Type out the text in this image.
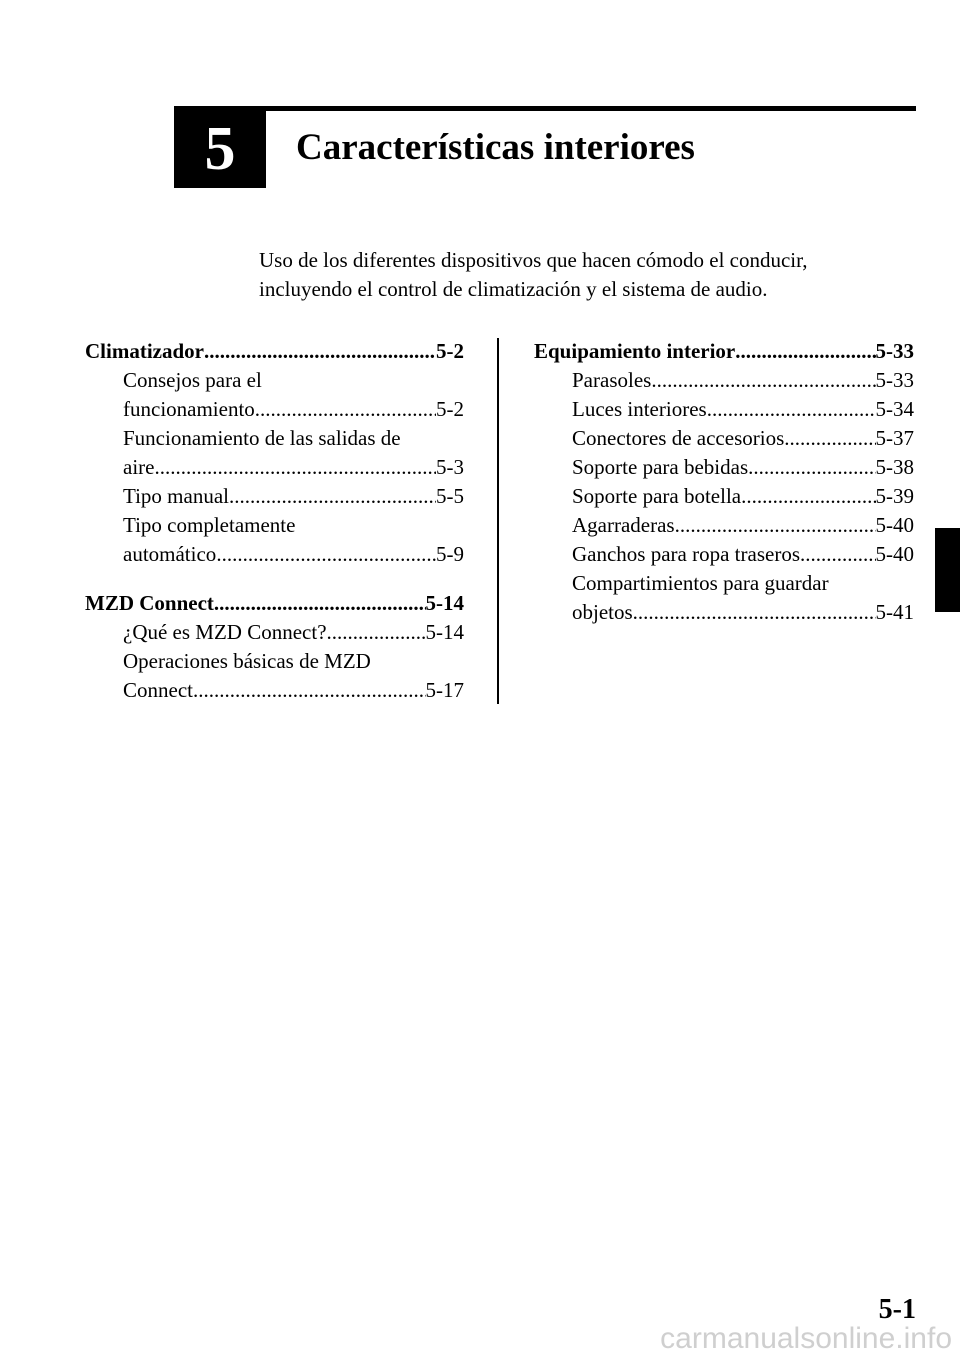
5	Características interiores

Uso de los diferentes dispositivos que hacen cómodo el conducir,

incluyendo el control de climatización y el sistema de audio.

Climatizador .....	5-2
Consejos para el
funcionamiento .....	5-2
Funcionamiento de las salidas de
aire .....	5-3
Tipo manual .....	5-5
Tipo completamente
automático .....	5-9
MZD Connect .....	5-14
¿Qué es MZD Connect? .....	5-14
Operaciones básicas de MZD
Connect .....	5-17
Equipamiento interior .....	5-33
Parasoles .....	5-33
Luces interiores .....	5-34
Conectores de accesorios .....	5-37
Soporte para bebidas .....	5-38
Soporte para botella .....	5-39
Agarraderas .....	5-40
Ganchos para ropa traseros .....	5-40
Compartimientos para guardar
objetos .....	5-41
5-1
carmanualsonline.info
